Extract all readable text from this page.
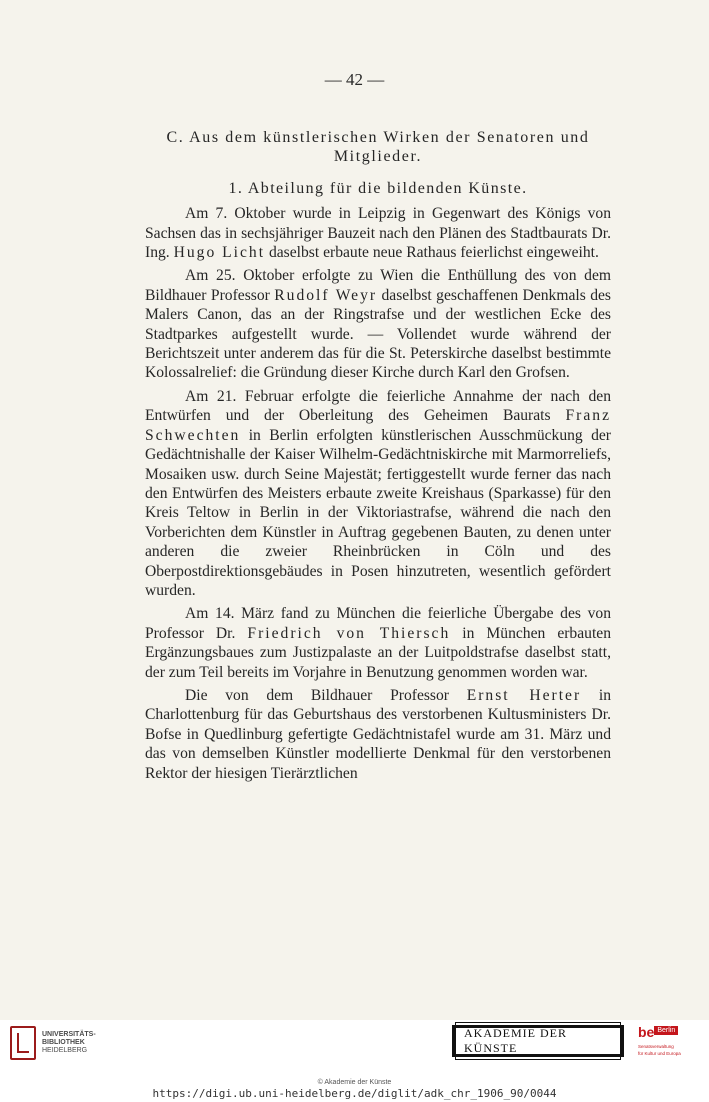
— 42 —

C. Aus dem künstlerischen Wirken der Senatoren und Mitglieder.

1. Abteilung für die bildenden Künste.

Am 7. Oktober wurde in Leipzig in Gegenwart des Königs von Sachsen das in sechsjähriger Bauzeit nach den Plänen des Stadtbaurats Dr. Ing. Hugo Licht daselbst erbaute neue Rathaus feierlichst eingeweiht.

Am 25. Oktober erfolgte zu Wien die Enthüllung des von dem Bildhauer Professor Rudolf Weyr daselbst geschaffenen Denkmals des Malers Canon, das an der Ringstrafse und der westlichen Ecke des Stadtparkes aufgestellt wurde. — Vollendet wurde während der Berichtszeit unter anderem das für die St. Peterskirche daselbst bestimmte Kolossalrelief: die Gründung dieser Kirche durch Karl den Grofsen.

Am 21. Februar erfolgte die feierliche Annahme der nach den Entwürfen und der Oberleitung des Geheimen Baurats Franz Schwechten in Berlin erfolgten künstlerischen Ausschmückung der Gedächtnishalle der Kaiser Wilhelm-Gedächtniskirche mit Marmorreliefs, Mosaiken usw. durch Seine Majestät; fertiggestellt wurde ferner das nach den Entwürfen des Meisters erbaute zweite Kreishaus (Sparkasse) für den Kreis Teltow in Berlin in der Viktoriastrafse, während die nach den Vorberichten dem Künstler in Auftrag gegebenen Bauten, zu denen unter anderen die zweier Rheinbrücken in Cöln und des Oberpostdirektionsgebäudes in Posen hinzutreten, wesentlich gefördert wurden.

Am 14. März fand zu München die feierliche Übergabe des von Professor Dr. Friedrich von Thiersch in München erbauten Ergänzungsbaues zum Justizpalaste an der Luitpoldstrafse daselbst statt, der zum Teil bereits im Vorjahre in Benutzung genommen worden war.

Die von dem Bildhauer Professor Ernst Herter in Charlottenburg für das Geburtshaus des verstorbenen Kultusministers Dr. Bofse in Quedlinburg gefertigte Gedächtnistafel wurde am 31. März und das von demselben Künstler modellierte Denkmal für den verstorbenen Rektor der hiesigen Tierärztlichen

UNIVERSITÄTS-
BIBLIOTHEK
HEIDELBERG
AKADEMIE DER KÜNSTE
be Berlin
Senatsverwaltung
für Kultur und Europa
© Akademie der Künste
https://digi.ub.uni-heidelberg.de/diglit/adk_chr_1906_90/0044
